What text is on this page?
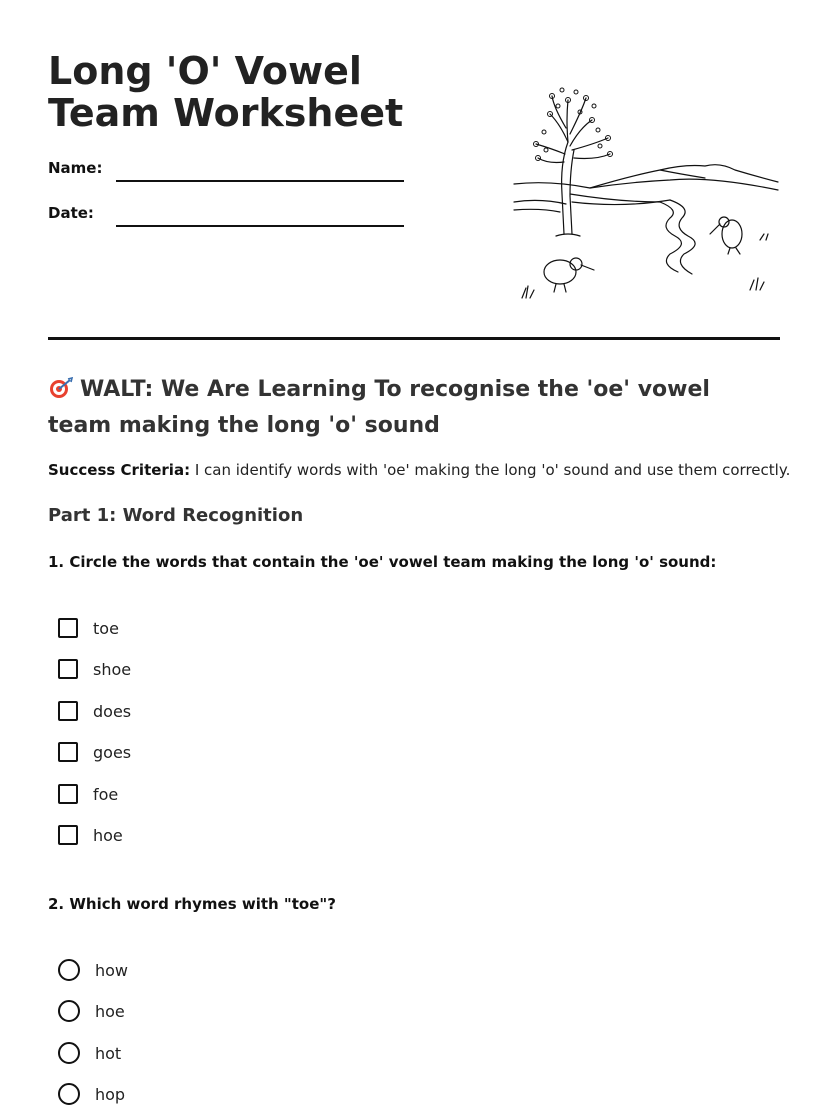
Long 'O' Vowel Team Worksheet
Name:
Date:
WALT: We Are Learning To recognise the 'oe' vowel team making the long 'o' sound
Success Criteria: I can identify words with 'oe' making the long 'o' sound and use them correctly.
Part 1: Word Recognition
1. Circle the words that contain the 'oe' vowel team making the long 'o' sound:
toe
shoe
does
goes
foe
hoe
2. Which word rhymes with "toe"?
how
hoe
hot
hop
